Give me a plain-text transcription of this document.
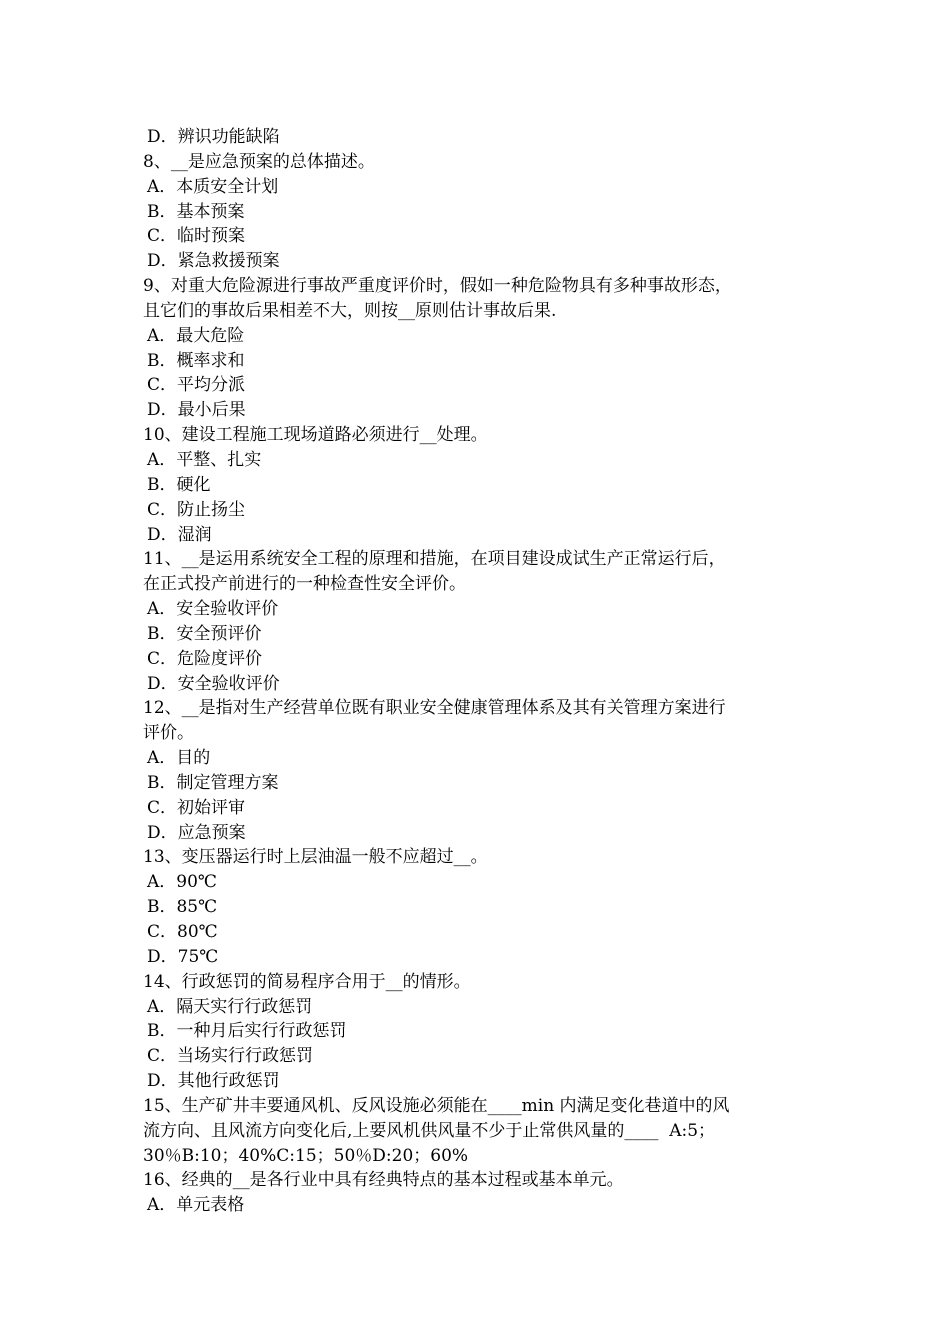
D．辨识功能缺陷
8、__是应急预案的总体描述。
A．本质安全计划
B．基本预案
C．临时预案
D．紧急救援预案
9、对重大危险源进行事故严重度评价时，假如一种危险物具有多种事故形态，
且它们的事故后果相差不大，则按__原则估计事故后果.
A．最大危险
B．概率求和
C．平均分派
D．最小后果
10、建设工程施工现场道路必须进行__处理。
A．平整、扎实
B．硬化
C．防止扬尘
D．湿润
11、__是运用系统安全工程的原理和措施，在项目建设成试生产正常运行后，
在正式投产前进行的一种检查性安全评价。
A．安全验收评价
B．安全预评价
C．危险度评价
D．安全验收评价
12、__是指对生产经营单位既有职业安全健康管理体系及其有关管理方案进行
评价。
A．目的
B．制定管理方案
C．初始评审
D．应急预案
13、变压器运行时上层油温一般不应超过__。
A．90℃
B．85℃
C．80℃
D．75℃
14、行政惩罚的简易程序合用于__的情形。
A．隔天实行行政惩罚
B．一种月后实行行政惩罚
C．当场实行行政惩罚
D．其他行政惩罚
15、生产矿井丰要通风机、反风设施必须能在____min 内满足变化巷道中的风
流方向、且风流方向变化后,上要风机供风量不少于止常供风量的____  A:5；
30％B:10；40%C:15；50％D:20；60%
16、经典的__是各行业中具有经典特点的基本过程或基本单元。
A．单元表格
